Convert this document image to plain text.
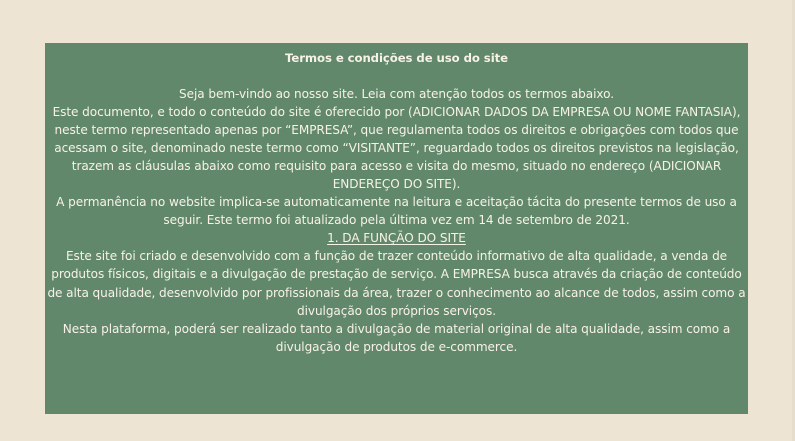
Termos e condições de uso do site

Seja bem-vindo ao nosso site. Leia com atenção todos os termos abaixo.

Este documento, e todo o conteúdo do site é oferecido por (ADICIONAR DADOS DA EMPRESA OU NOME FANTASIA), neste termo representado apenas por “EMPRESA”, que regulamenta todos os direitos e obrigações com todos que acessam o site, denominado neste termo como “VISITANTE”, reguardado todos os direitos previstos na legislação, trazem as cláusulas abaixo como requisito para acesso e visita do mesmo, situado no endereço (ADICIONAR ENDEREÇO DO SITE).

A permanência no website implica-se automaticamente na leitura e aceitação tácita do presente termos de uso a seguir. Este termo foi atualizado pela última vez em 14 de setembro de 2021.

1. DA FUNÇÃO DO SITE

Este site foi criado e desenvolvido com a função de trazer conteúdo informativo de alta qualidade, a venda de produtos físicos, digitais e a divulgação de prestação de serviço. A EMPRESA busca através da criação de conteúdo de alta qualidade, desenvolvido por profissionais da área, trazer o conhecimento ao alcance de todos, assim como a divulgação dos próprios serviços.

Nesta plataforma, poderá ser realizado tanto a divulgação de material original de alta qualidade, assim como a divulgação de produtos de e-commerce.
